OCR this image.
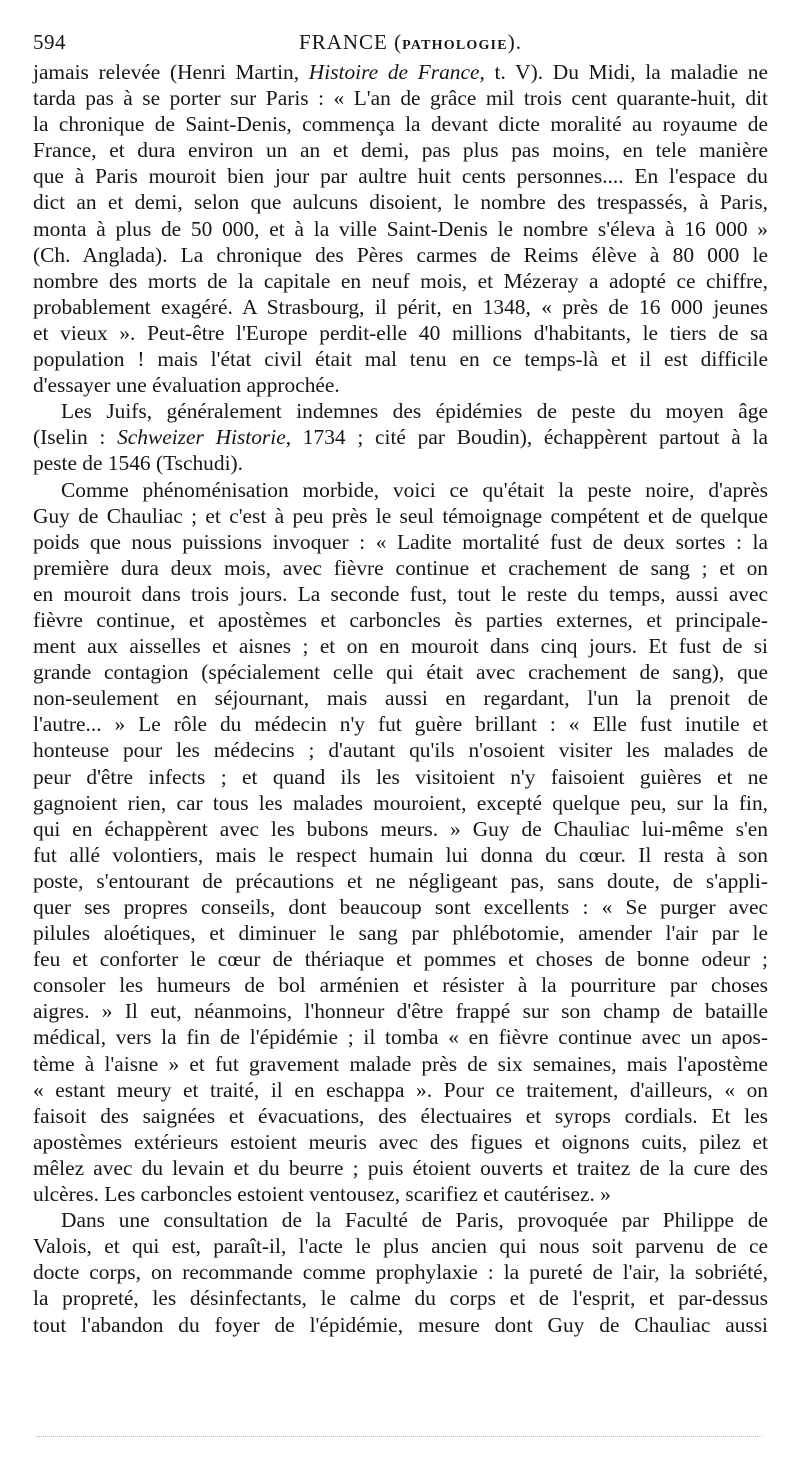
594	FRANCE (PATHOLOGIE).
jamais relevée (Henri Martin, Histoire de France, t. V). Du Midi, la maladie ne
tarda pas à se porter sur Paris : « L'an de grâce mil trois cent quarante-huit, dit
la chronique de Saint-Denis, commença la devant dicte moralité au royaume de
France, et dura environ un an et demi, pas plus pas moins, en tele manière
que à Paris mouroit bien jour par aultre huit cents personnes.... En l'espace du
dict an et demi, selon que aulcuns disoient, le nombre des trespassés, à Paris,
monta à plus de 50 000, et à la ville Saint-Denis le nombre s'éleva à 16 000 »
(Ch. Anglada). La chronique des Pères carmes de Reims élève à 80 000 le
nombre des morts de la capitale en neuf mois, et Mézeray a adopté ce chiffre,
probablement exagéré. A Strasbourg, il périt, en 1348, « près de 16 000 jeunes
et vieux ». Peut-être l'Europe perdit-elle 40 millions d'habitants, le tiers de sa
population ! mais l'état civil était mal tenu en ce temps-là et il est difficile
d'essayer une évaluation approchée.
Les Juifs, généralement indemnes des épidémies de peste du moyen âge
(Iselin : Schweizer Historie, 1734 ; cité par Boudin), échappèrent partout à la
peste de 1546 (Tschudi).
Comme phénoménisation morbide, voici ce qu'était la peste noire, d'après
Guy de Chauliac ; et c'est à peu près le seul témoignage compétent et de quelque
poids que nous puissions invoquer : « Ladite mortalité fust de deux sortes : la
première dura deux mois, avec fièvre continue et crachement de sang ; et on
en mouroit dans trois jours. La seconde fust, tout le reste du temps, aussi avec
fièvre continue, et apostèmes et carboncles ès parties externes, et principale-
ment aux aisselles et aisnes ; et on en mouroit dans cinq jours. Et fust de si
grande contagion (spécialement celle qui était avec crachement de sang), que
non-seulement en séjournant, mais aussi en regardant, l'un la prenoit de
l'autre... » Le rôle du médecin n'y fut guère brillant : « Elle fust inutile et
honteuse pour les médecins ; d'autant qu'ils n'osoient visiter les malades de
peur d'être infects ; et quand ils les visitoient n'y faisoient guières et ne
gagnoient rien, car tous les malades mouroient, excepté quelque peu, sur la fin,
qui en échappèrent avec les bubons meurs. » Guy de Chauliac lui-même s'en
fut allé volontiers, mais le respect humain lui donna du cœur. Il resta à son
poste, s'entourant de précautions et ne négligeant pas, sans doute, de s'appli-
quer ses propres conseils, dont beaucoup sont excellents : « Se purger avec
pilules aloétiques, et diminuer le sang par phlébotomie, amender l'air par le
feu et conforter le cœur de thériaque et pommes et choses de bonne odeur ;
consoler les humeurs de bol arménien et résister à la pourriture par choses
aigres. » Il eut, néanmoins, l'honneur d'être frappé sur son champ de bataille
médical, vers la fin de l'épidémie ; il tomba « en fièvre continue avec un apos-
tème à l'aisne » et fut gravement malade près de six semaines, mais l'apostème
« estant meury et traité, il en eschappa ». Pour ce traitement, d'ailleurs, « on
faisoit des saignées et évacuations, des électuaires et syrops cordials. Et les
apostèmes extérieurs estoient meuris avec des figues et oignons cuits, pilez et
mêlez avec du levain et du beurre ; puis étoient ouverts et traitez de la cure des
ulcères. Les carboncles estoient ventousez, scarifiez et cautérisez. »
Dans une consultation de la Faculté de Paris, provoquée par Philippe de
Valois, et qui est, paraît-il, l'acte le plus ancien qui nous soit parvenu de ce
docte corps, on recommande comme prophylaxie : la pureté de l'air, la sobriété,
la propreté, les désinfectants, le calme du corps et de l'esprit, et par-dessus
tout l'abandon du foyer de l'épidémie, mesure dont Guy de Chauliac aussi
